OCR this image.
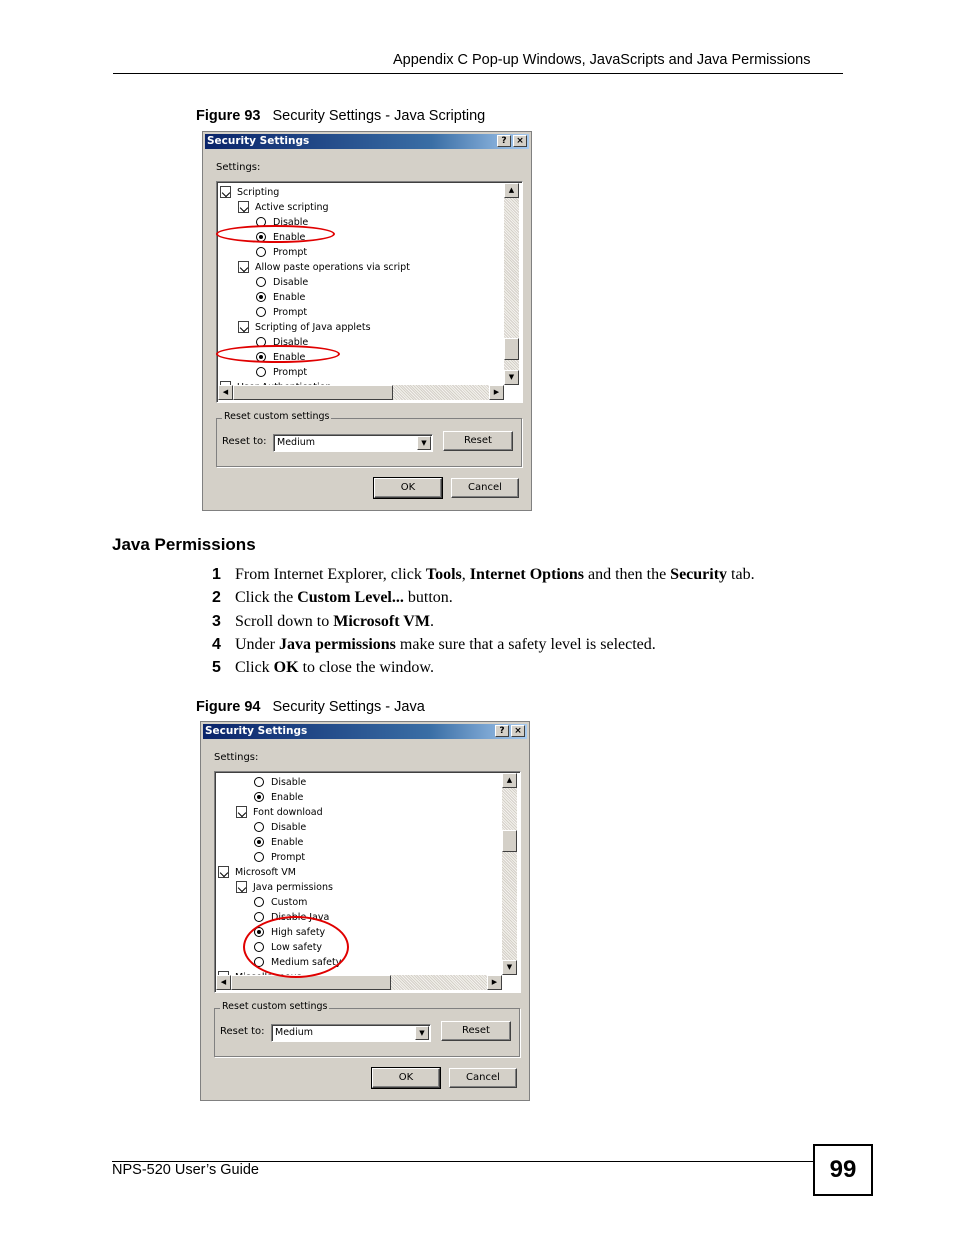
Appendix C Pop-up Windows, JavaScripts and Java Permissions
Figure 93 Security Settings - Java Scripting
Security Settings	?	×
Settings:
Scripting
Active scripting
Disable
Enable
Prompt
Allow paste operations via script
Disable
Enable
Prompt
Scripting of Java applets
Disable
Enable
Prompt
▲
▼
◀	▶
Reset custom settings
Reset to:	Medium	▼	Reset
OK	Cancel
Java Permissions
1 From Internet Explorer, click Tools, Internet Options and then the Security tab.
2 Click the Custom Level... button.
3 Scroll down to Microsoft VM.
4 Under Java permissions make sure that a safety level is selected.
5 Click OK to close the window.
Figure 94 Security Settings - Java
Security Settings	?	×
Settings:
Disable
Enable
Font download
Disable
Enable
Prompt
Microsoft VM
Java permissions
Custom
Disable Java
High safety
Low safety
Medium safety
▲
▼
◀	▶
Reset custom settings
Reset to:	Medium	▼	Reset
OK	Cancel
NPS-520 User’s Guide	99
